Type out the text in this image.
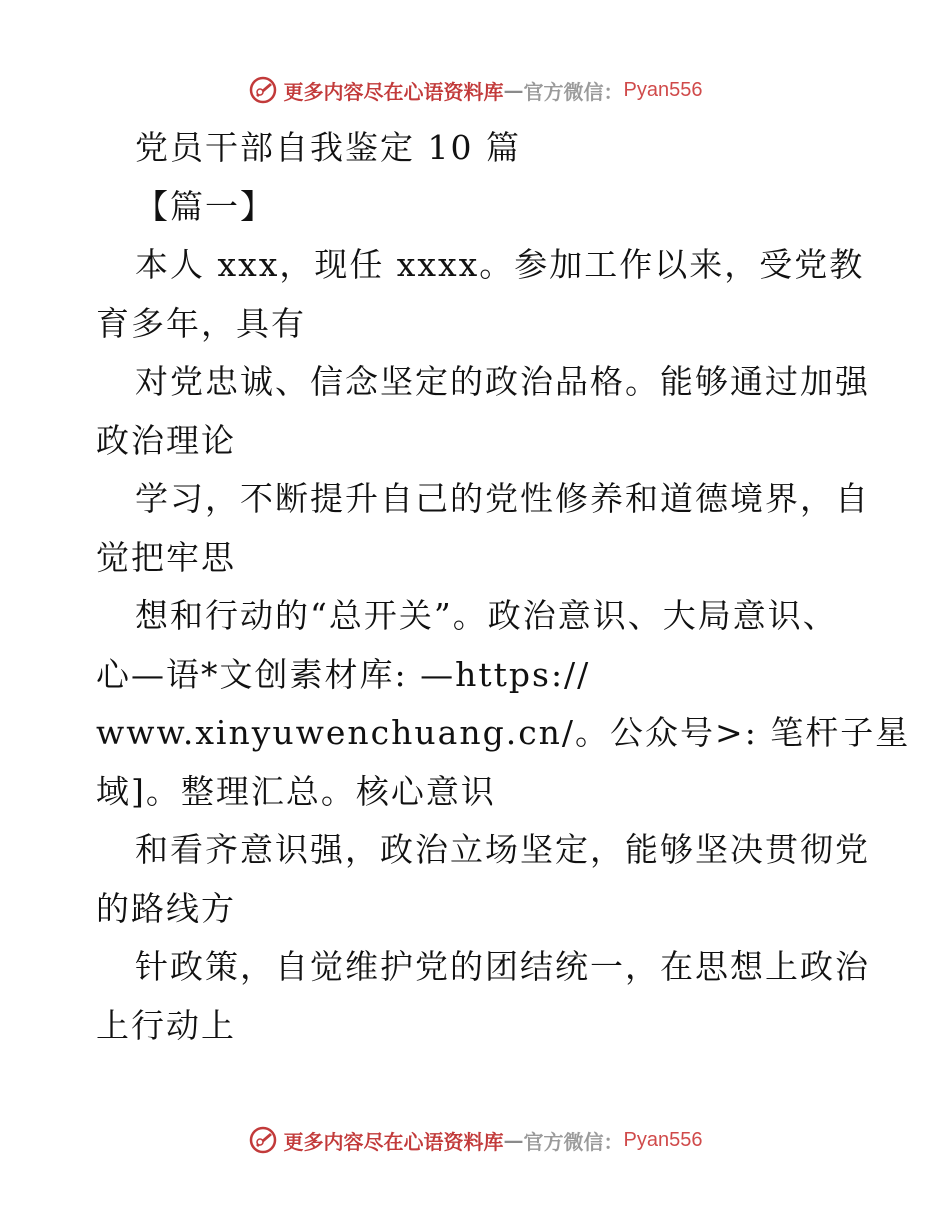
更多内容尽在心语资料库 — 官方微信： Pyan556
党员干部自我鉴定 10 篇
【篇一】
本人 xxx，现任 xxxx。参加工作以来，受党教
育多年，具有
对党忠诚、信念坚定的政治品格。能够通过加强
政治理论
学习，不断提升自己的党性修养和道德境界，自
觉把牢思
想和行动的“总开关”。政治意识、大局意识、
心—语*文创素材库: —https://
www.xinyuwenchuang.cn/。公众号>: 笔杆子星
域]。整理汇总。核心意识
和看齐意识强，政治立场坚定，能够坚决贯彻党
的路线方
针政策，自觉维护党的团结统一，在思想上政治
上行动上
更多内容尽在心语资料库 — 官方微信： Pyan556
